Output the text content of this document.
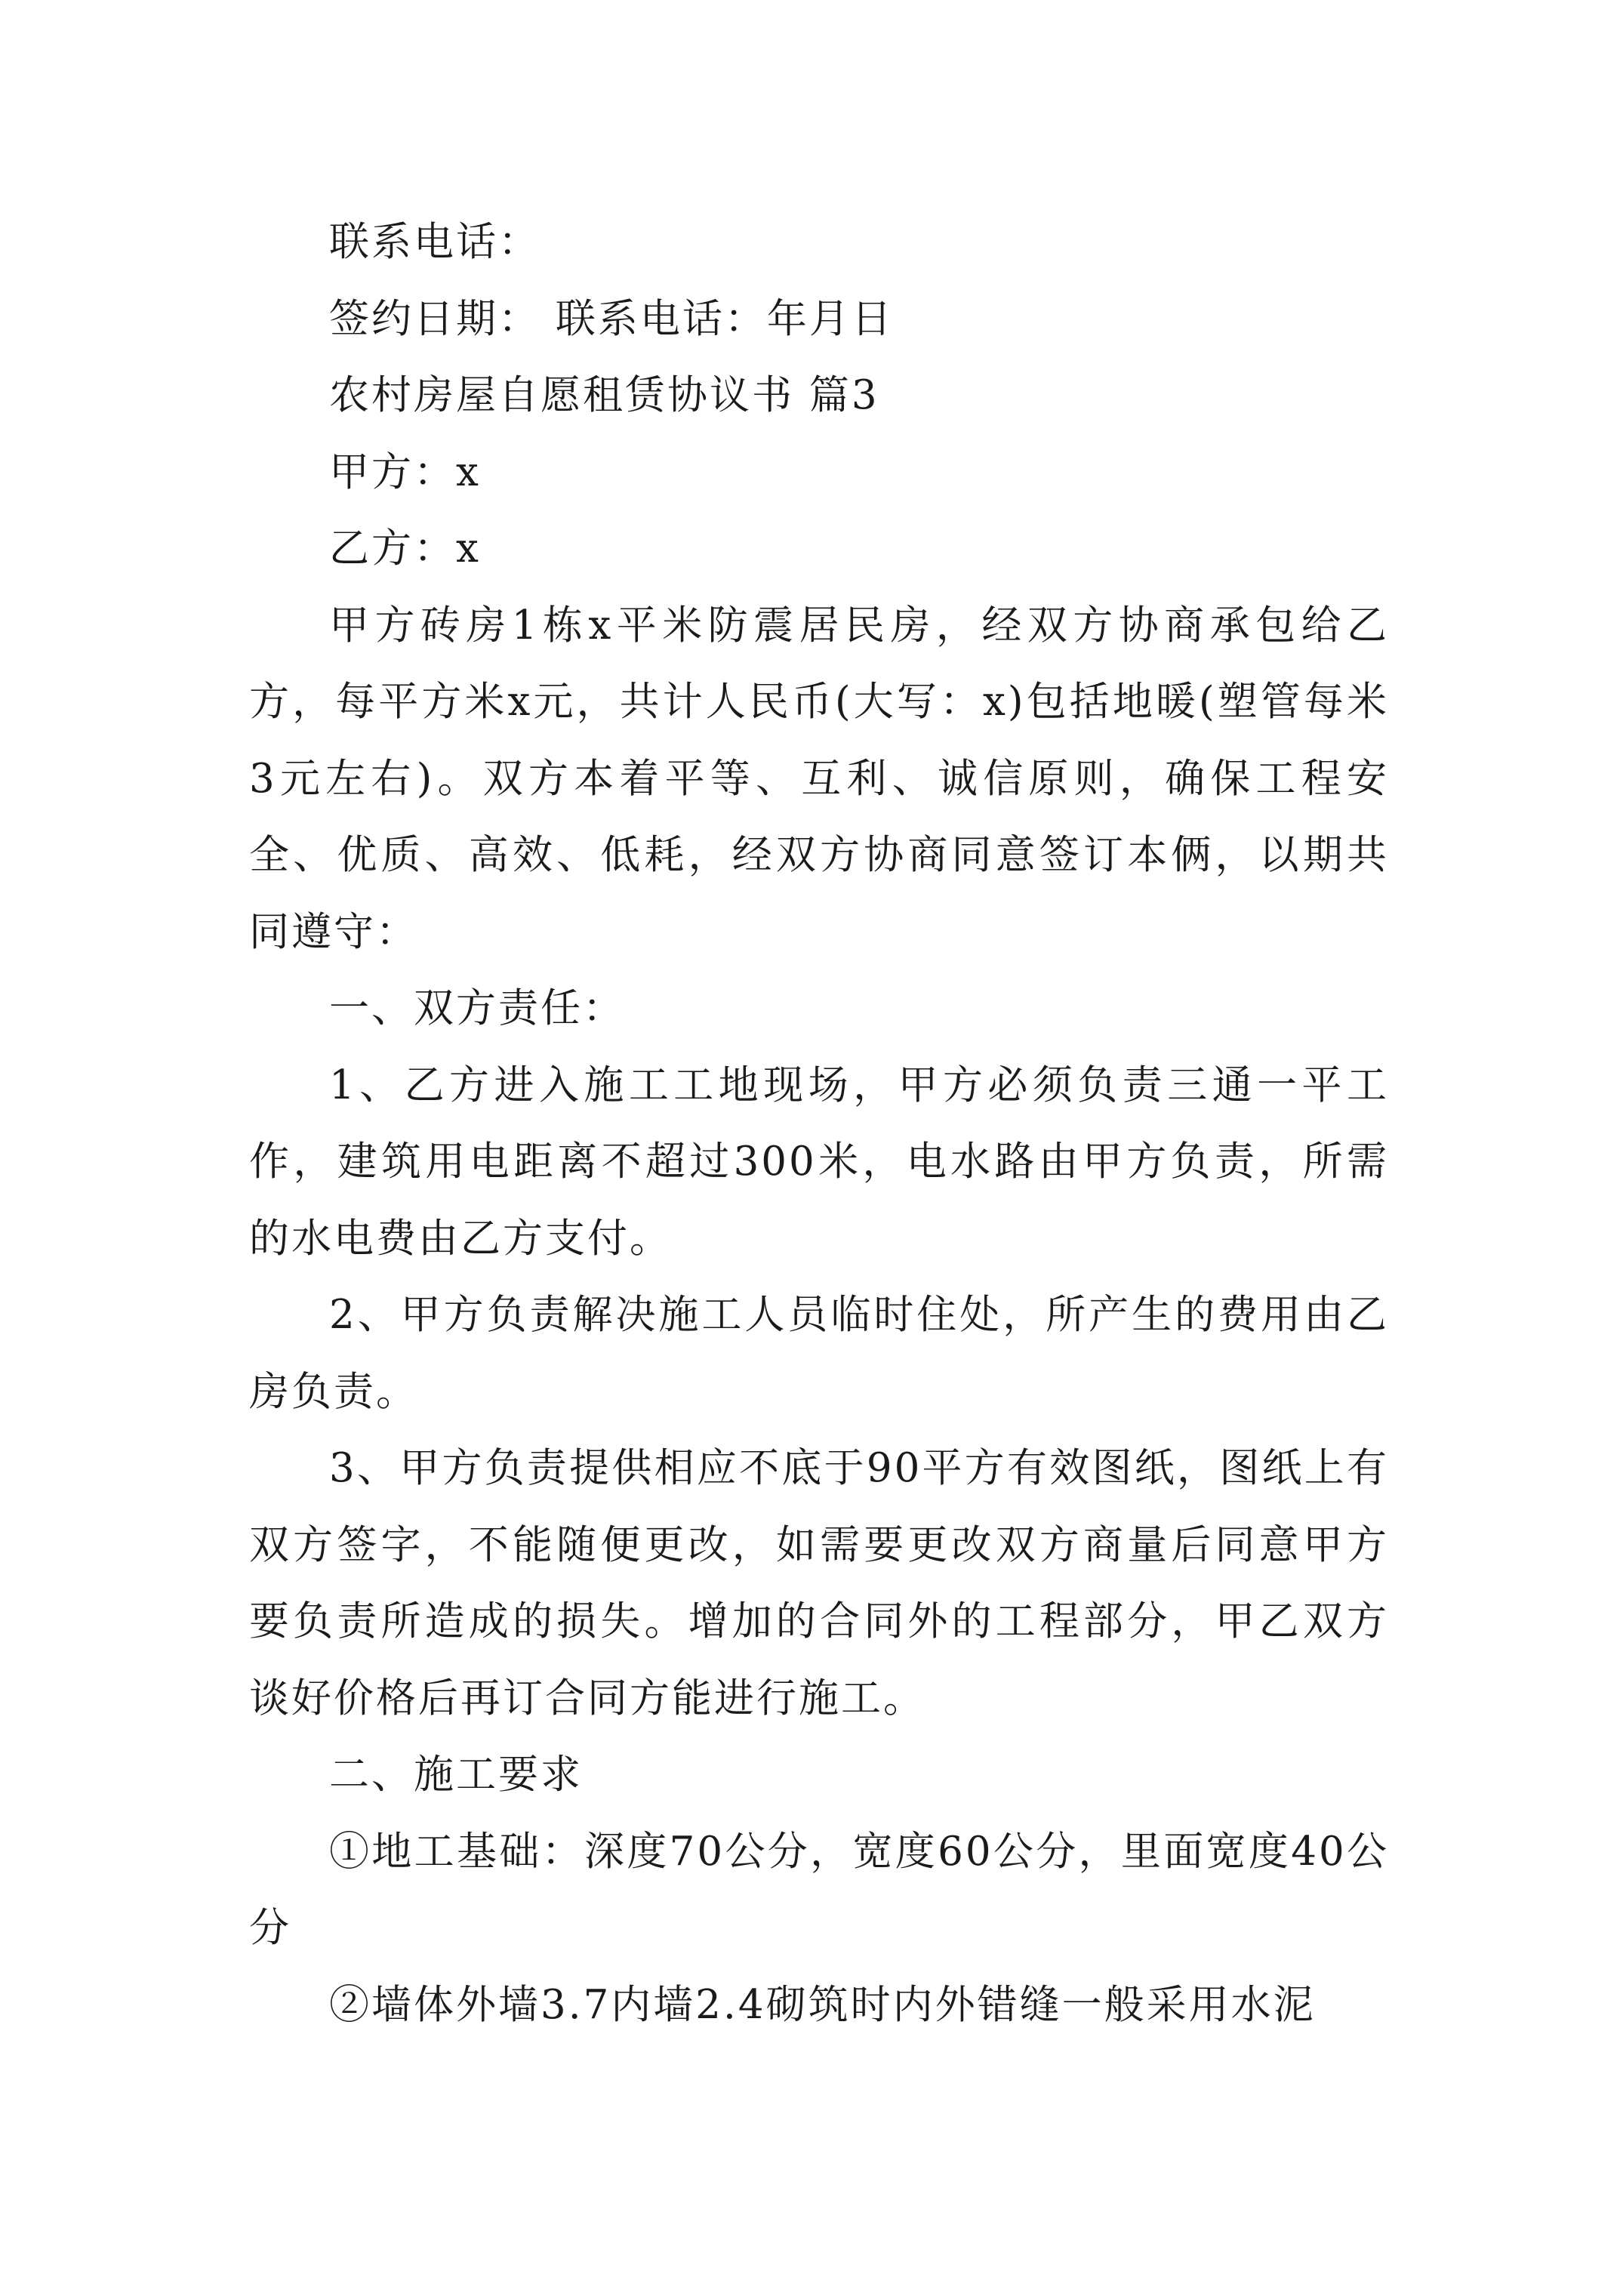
联系电话：

签约日期： 联系电话：年月日

农村房屋自愿租赁协议书 篇3

甲方：x

乙方：x

甲方砖房1栋x平米防震居民房，经双方协商承包给乙方，每平方米x元，共计人民币(大写：x)包括地暖(塑管每米3元左右)。双方本着平等、互利、诚信原则，确保工程安全、优质、高效、低耗，经双方协商同意签订本俩，以期共同遵守：

一、双方责任：

1、乙方进入施工工地现场，甲方必须负责三通一平工作，建筑用电距离不超过300米，电水路由甲方负责，所需的水电费由乙方支付。

2、甲方负责解决施工人员临时住处，所产生的费用由乙房负责。

3、甲方负责提供相应不底于90平方有效图纸，图纸上有双方签字，不能随便更改，如需要更改双方商量后同意甲方要负责所造成的损失。增加的合同外的工程部分，甲乙双方谈好价格后再订合同方能进行施工。

二、施工要求

①地工基础：深度70公分，宽度60公分，里面宽度40公分

②墙体外墙3.7内墙2.4砌筑时内外错缝一般采用水泥
